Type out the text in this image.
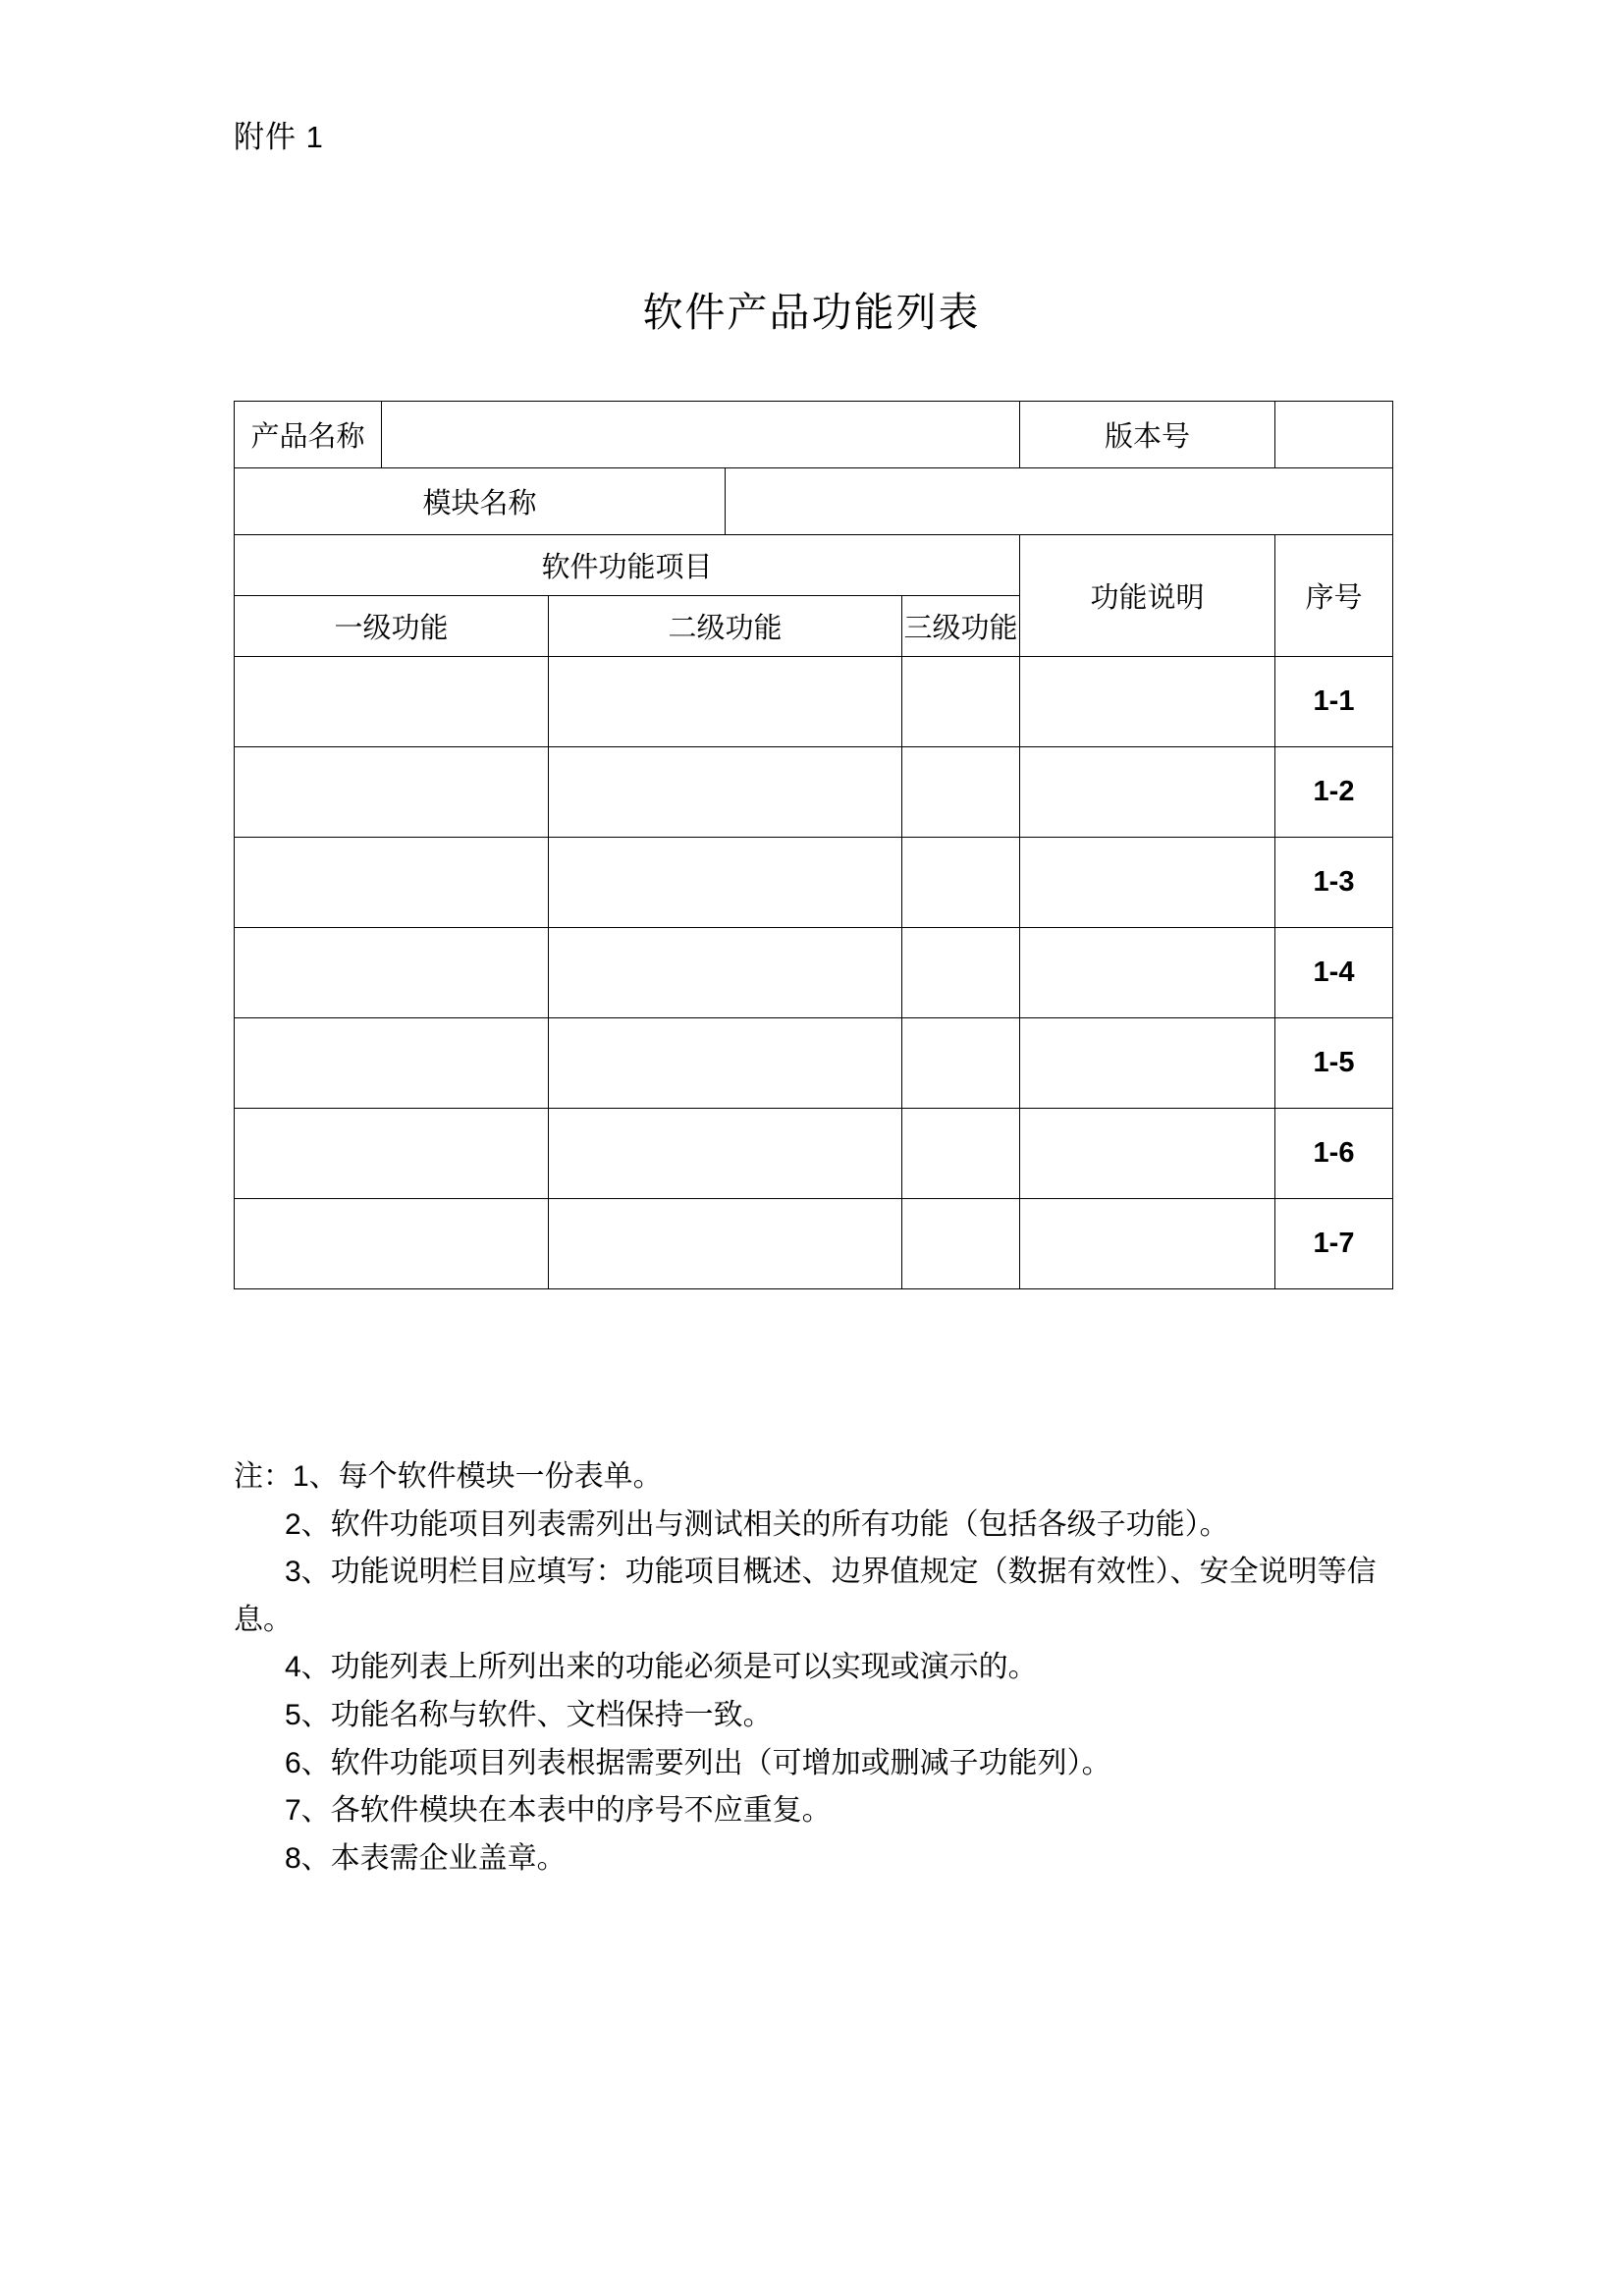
附件 1
软件产品功能列表
产品名称					版本号	
模块名称						
软件功能项目					功能说明	序号
一级功能		二级功能		三级功能		
						1-1
						1-2
						1-3
						1-4
						1-5
						1-6
						1-7
注：1、每个软件模块一份表单。
2、软件功能项目列表需列出与测试相关的所有功能（包括各级子功能）。
3、功能说明栏目应填写：功能项目概述、边界值规定（数据有效性）、安全说明等信息。
4、功能列表上所列出来的功能必须是可以实现或演示的。
5、功能名称与软件、文档保持一致。
6、软件功能项目列表根据需要列出（可增加或删减子功能列）。
7、各软件模块在本表中的序号不应重复。
8、本表需企业盖章。
